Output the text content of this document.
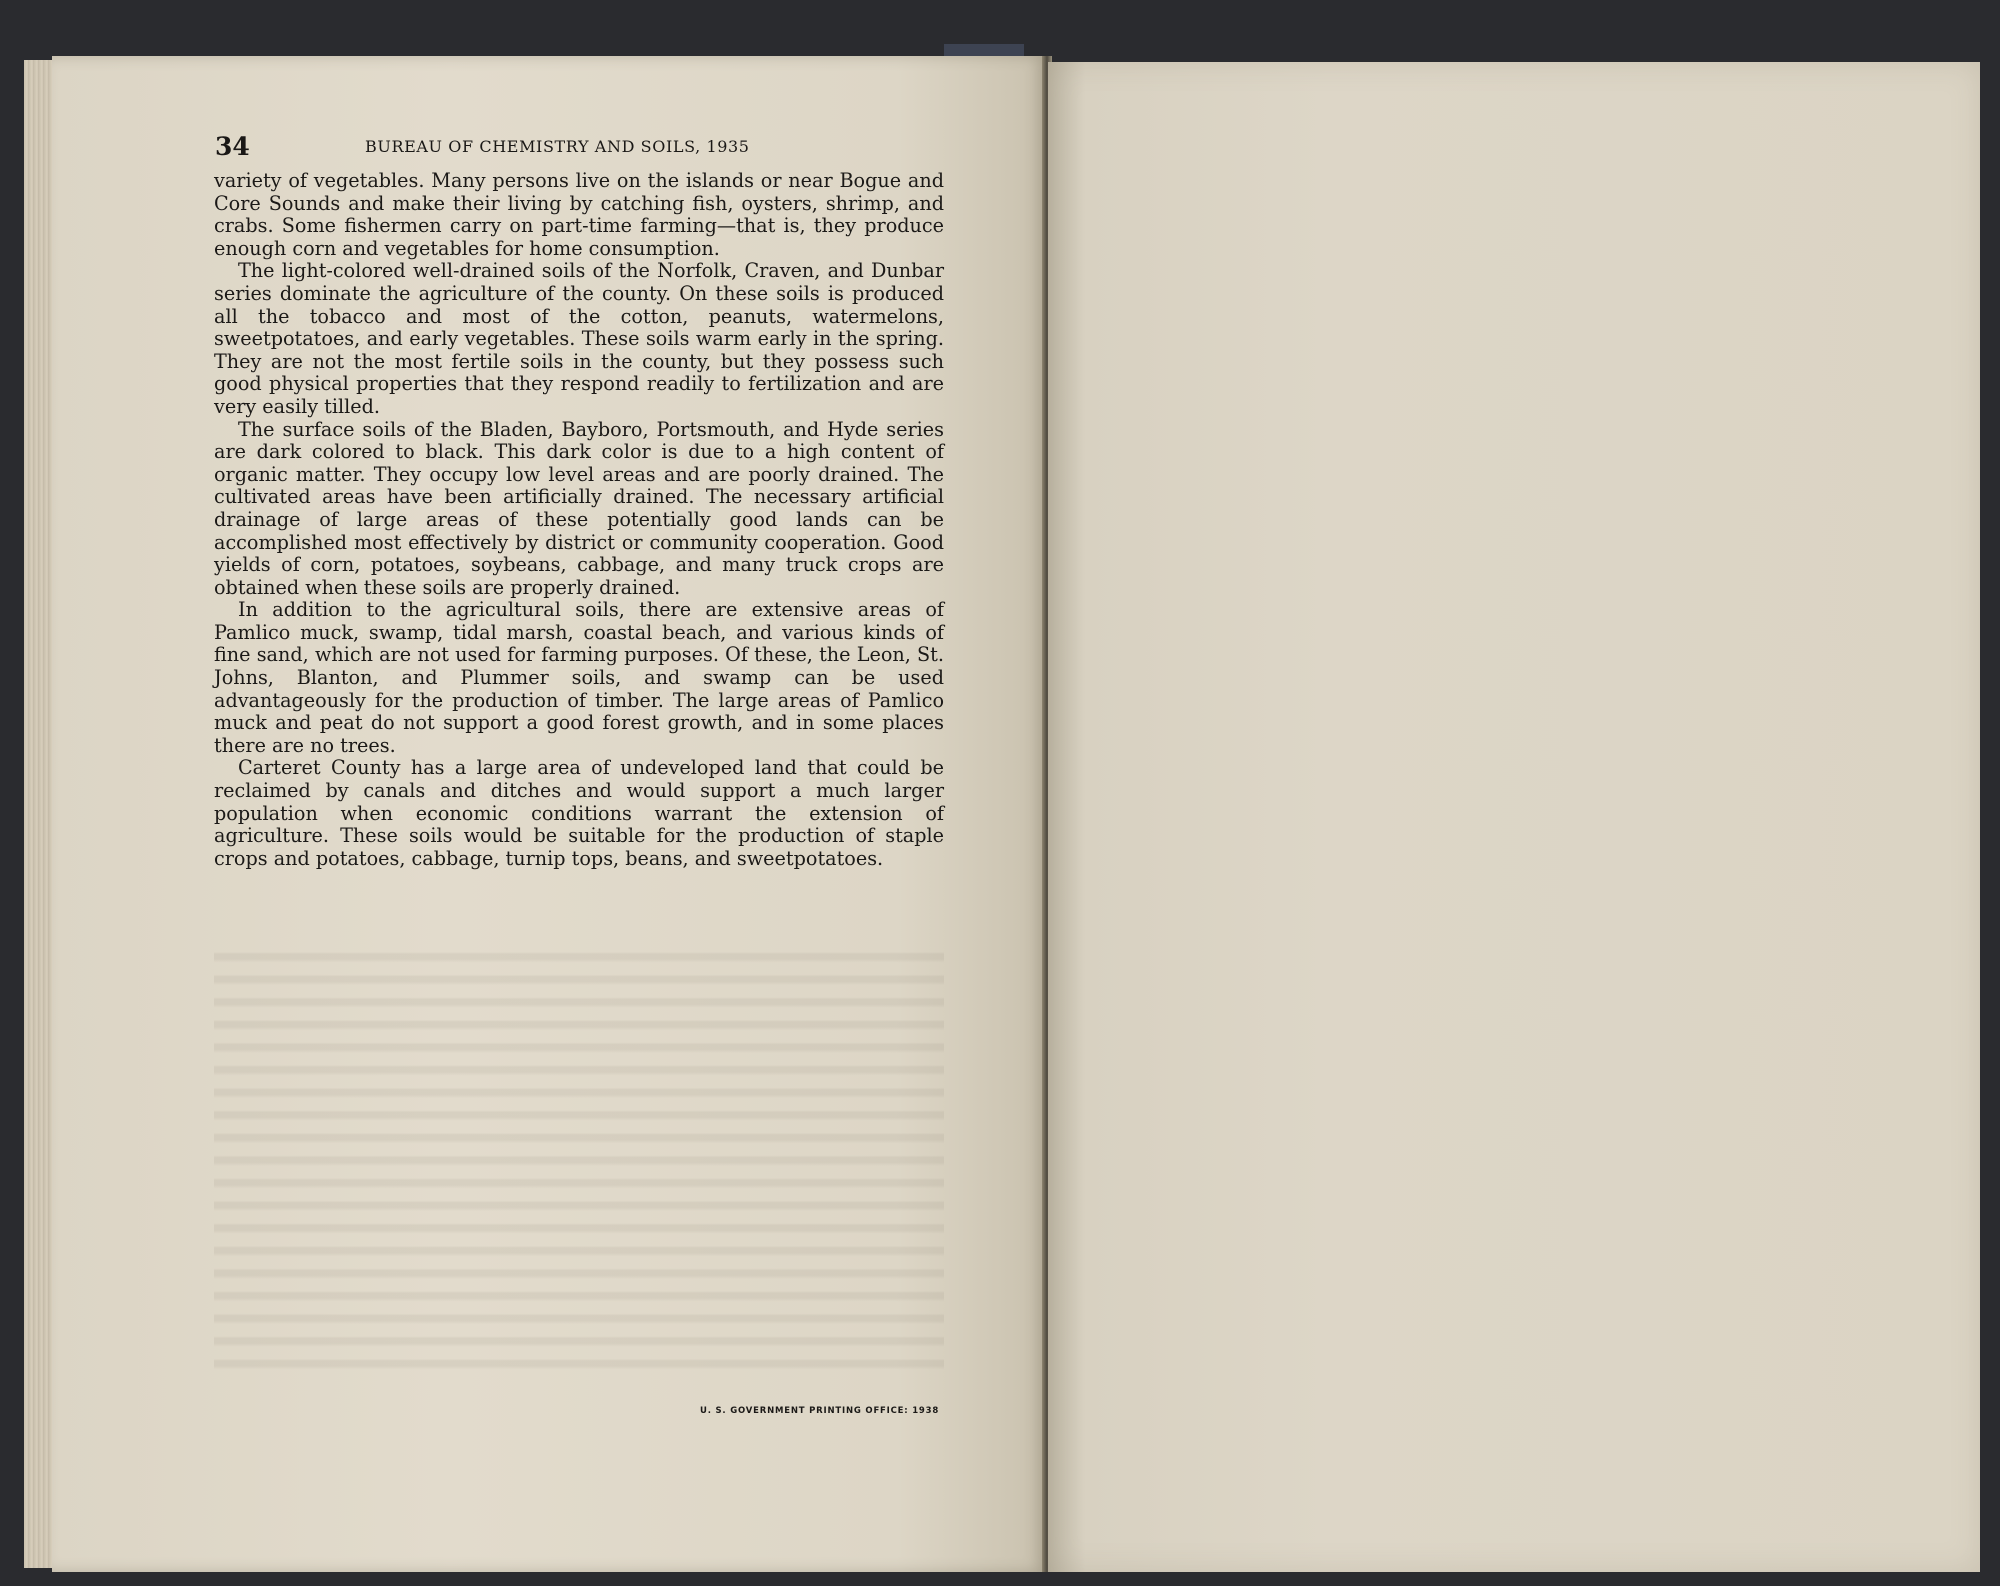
34	BUREAU OF CHEMISTRY AND SOILS, 1935

variety of vegetables. Many persons live on the islands or near Bogue and Core Sounds and make their living by catching fish, oysters, shrimp, and crabs. Some fishermen carry on part-time farming—that is, they produce enough corn and vegetables for home consumption.

The light-colored well-drained soils of the Norfolk, Craven, and Dunbar series dominate the agriculture of the county. On these soils is produced all the tobacco and most of the cotton, peanuts, watermelons, sweetpotatoes, and early vegetables. These soils warm early in the spring. They are not the most fertile soils in the county, but they possess such good physical properties that they respond readily to fertilization and are very easily tilled.

The surface soils of the Bladen, Bayboro, Portsmouth, and Hyde series are dark colored to black. This dark color is due to a high content of organic matter. They occupy low level areas and are poorly drained. The cultivated areas have been artificially drained. The necessary artificial drainage of large areas of these potentially good lands can be accomplished most effectively by district or community cooperation. Good yields of corn, potatoes, soybeans, cabbage, and many truck crops are obtained when these soils are properly drained.

In addition to the agricultural soils, there are extensive areas of Pamlico muck, swamp, tidal marsh, coastal beach, and various kinds of fine sand, which are not used for farming purposes. Of these, the Leon, St. Johns, Blanton, and Plummer soils, and swamp can be used advantageously for the production of timber. The large areas of Pamlico muck and peat do not support a good forest growth, and in some places there are no trees.

Carteret County has a large area of undeveloped land that could be reclaimed by canals and ditches and would support a much larger population when economic conditions warrant the extension of agriculture. These soils would be suitable for the production of staple crops and potatoes, cabbage, turnip tops, beans, and sweetpotatoes.

U. S. GOVERNMENT PRINTING OFFICE: 1938
